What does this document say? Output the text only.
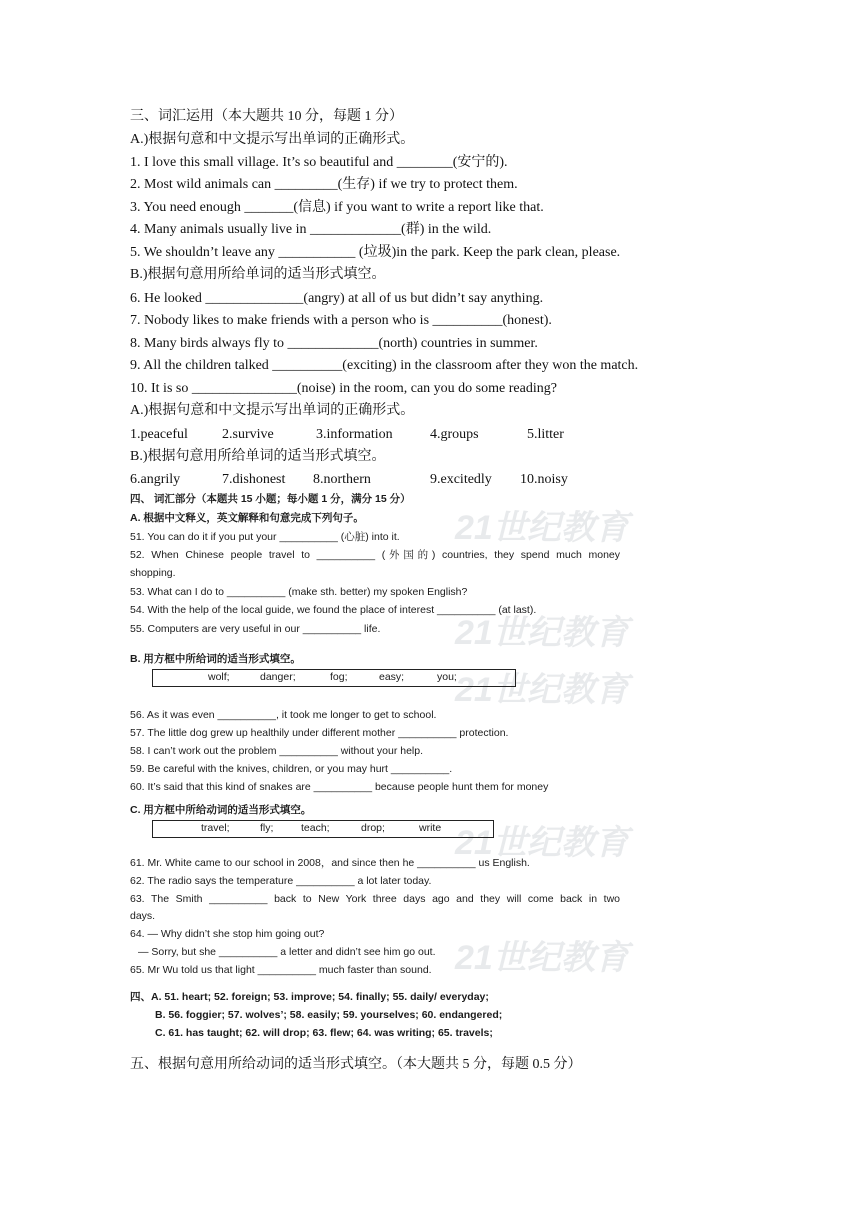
三、词汇运用（本大题共 10 分，每题 1 分）
A.)根据句意和中文提示写出单词的正确形式。
1. I love this small village. It’s so beautiful and ________(安宁的).
2. Most wild animals can _________(生存) if we try to protect them.
3. You need enough _______(信息) if you want to write a report like that.
4. Many animals usually live in _____________(群) in the wild.
5. We shouldn’t leave any ___________ (垃圾)in the park. Keep the park clean, please.
B.)根据句意用所给单词的适当形式填空。
6. He looked ______________(angry) at all of us but didn’t say anything.
7. Nobody likes to make friends with a person who is __________(honest).
8. Many birds always fly to _____________(north) countries in summer.
9. All the children talked __________(exciting) in the classroom after they won the match.
10. It is so _______________(noise) in the room, can you do some reading?
A.)根据句意和中文提示写出单词的正确形式。
1.peaceful 2.survive	3.information	4.groups	5.litter
B.)根据句意用所给单词的适当形式填空。
6.angrily	7.dishonest 8.northern	9.excitedly 10.noisy
21世纪教育
21世纪教育
21世纪教育
21世纪教育
21世纪教育
四、 词汇部分（本题共 15 小题；每小题 1 分，满分 15 分）
A. 根据中文释义，英文解释和句意完成下列句子。
51. You can do it if you put your __________ (心脏) into it.
52. When Chinese people travel to __________ (外国的) countries, they spend much money
shopping.
53. What can I do to __________ (make sth. better) my spoken English?
54. With the help of the local guide, we found the place of interest __________ (at last).
55. Computers are very useful in our __________ life.
B. 用方框中所给词的适当形式填空。
wolf;	danger;	fog;	easy;	you;
56. As it was even __________, it took me longer to get to school.
57. The little dog grew up healthily under different mother __________ protection.
58. I can’t work out the problem __________ without your help.
59. Be careful with the knives, children, or you may hurt __________.
60. It’s said that this kind of snakes are __________ because people hunt them for money
C. 用方框中所给动词的适当形式填空。
travel;	fly;	teach;	drop;	write
61. Mr. White came to our school in 2008，and since then he __________ us English.
62. The radio says the temperature __________ a lot later today.
63. The Smith __________ back to New York three days ago and they will come back in two
days.
64. — Why didn’t she stop him going out?
— Sorry, but she __________ a letter and didn’t see him go out.
65. Mr Wu told us that light __________ much faster than sound.
四、A. 51. heart; 52. foreign; 53. improve; 54. finally; 55. daily/ everyday;
B. 56. foggier; 57. wolves’; 58. easily; 59. yourselves; 60. endangered;
C. 61. has taught; 62. will drop; 63. flew; 64. was writing; 65. travels;
五、根据句意用所给动词的适当形式填空。（本大题共 5 分，每题 0.5 分）
